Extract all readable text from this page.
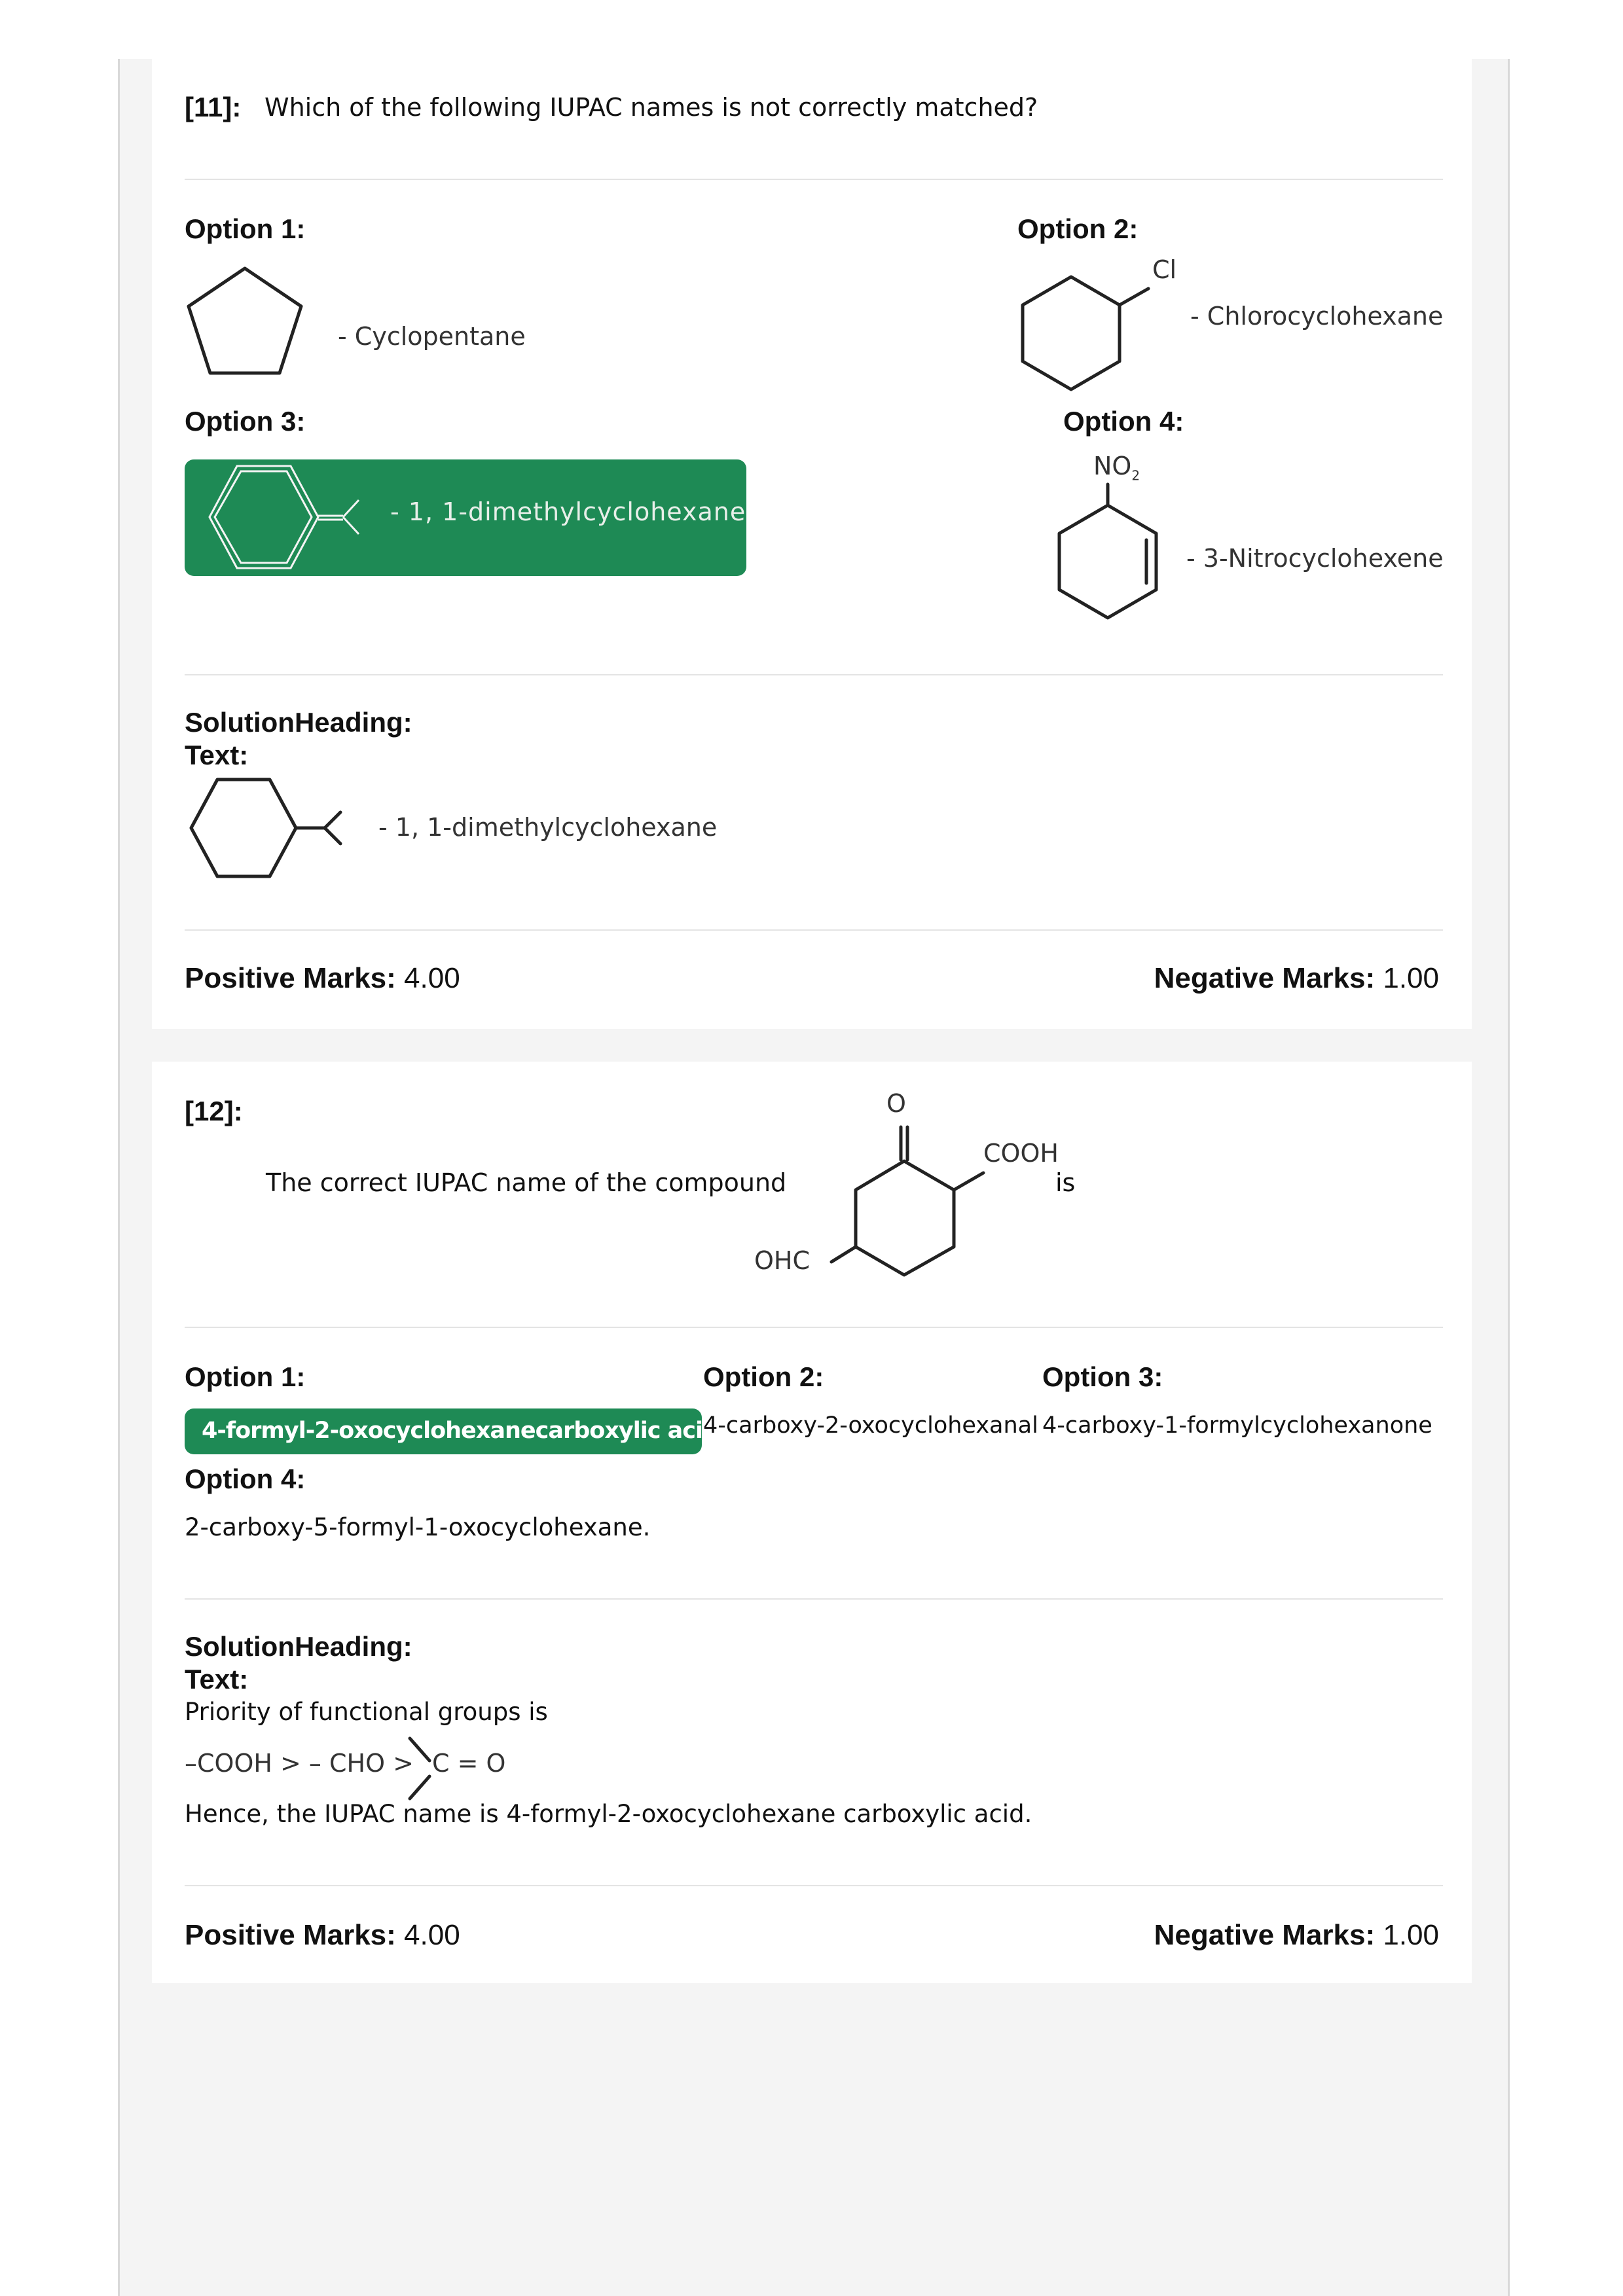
[11]: Which of the following IUPAC names is not correctly matched?
Option 1:
- Cyclopentane
Option 2:
Cl
- Chlorocyclohexane
Option 3:
- 1, 1-dimethylcyclohexane
Option 4:
$NO_2$
- 3-Nitrocyclohexene
SolutionHeading:
Text:
- 1, 1-dimethylcyclohexane
Positive Marks: 4.00	Negative Marks: 1.00
[12]:
The correct IUPAC name of the compound
O
COOH
OHC
is
Option 1:
4-formyl-2-oxocyclohexanecarboxylic acid
Option 2:
4-carboxy-2-oxocyclohexanal
Option 3:
4-carboxy-1-formylcyclohexanone
Option 4:
2-carboxy-5-formyl-1-oxocyclohexane.
SolutionHeading:
Text:
Priority of functional groups is
–COOH > – CHO > C = O
Hence, the IUPAC name is 4-formyl-2-oxocyclohexane carboxylic acid.
Positive Marks: 4.00	Negative Marks: 1.00
